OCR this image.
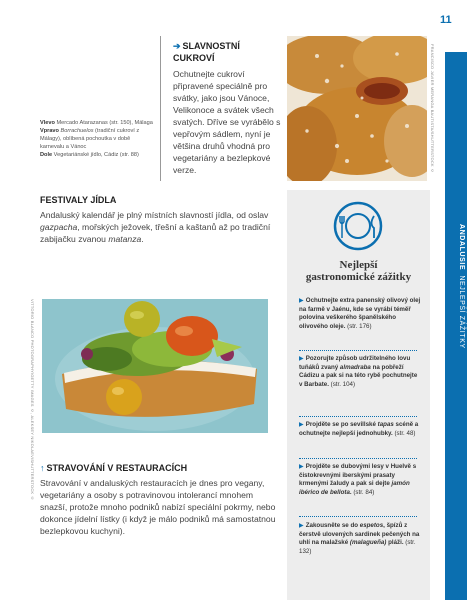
11
ANDALUSIE  NEJLEPŠÍ ZÁŽITKY
FRANCISCO JAVIER MERANGA BAUTISTA/SHUTTERSTOCK ©
Vlevo Mercado Atarazanas (str. 150), Málaga
Vpravo Borrachuelos (tradiční cukroví z Málagy), oblíbená pochoutka v době karnevalu a Vánoc
Dole Vegetariánské jídlo, Cádiz (str. 88)
➔ SLAVNOSTNÍ CUKROVÍ

Ochutnejte cukroví připravené speciálně pro svátky, jako jsou Vánoce, Velikonoce a svátek všech svatých. Dříve se vyrábělo s vepřovým sádlem, nyní je většina druhů vhodná pro vegetariány a bezlepkové verze.

FESTIVALY JÍDLA

Andaluský kalendář je plný místních slavností jídla, od oslav gazpacha, mořských ježovek, třešní a kaštanů až po tradiční zabijačku zvanou matanza.

VITTORIO BLANCO PHOTOGRAPHY/GETTY IMAGES ©, ALEKSEY NIKOLAEV/SHUTTERSTOCK © ↑ STRAVOVÁNÍ V RESTAURACÍCH

Stravování v andaluských restauracích je dnes pro vegany, vegetariány a osoby s potravinovou intolerancí mnohem snazší, protože mnoho podniků nabízí speciální pokrmy, nebo dokonce jídelní lístky (i když je málo podniků má samostatnou bezlepkovou kuchyni).

Nejlepší
gastronomické zážitky
▶ Ochutnejte extra panenský olivový olej na farmě v Jaénu, kde se vyrábí téměř polovina veškerého španělského olivového oleje. (str. 176)
▶ Pozorujte způsob udržitelného lovu tuňáků zvaný almadraba na pobřeží Cádizu a pak si na této rybě pochutnejte v Barbate. (str. 104)
▶ Projděte se po sevillské tapas scéně a ochutnejte nejlepší jednohubky. (str. 48)
▶ Projděte se dubovými lesy v Huelvě s čistokrevnými iberskými prasaty krmenými žaludy a pak si dejte jamón ibérico de bellota. (str. 84)
▶ Zakousněte se do espetos, špízů z čerstvě ulovených sardinek pečených na uhlí na malažské (malagueña) pláži. (str. 132)
